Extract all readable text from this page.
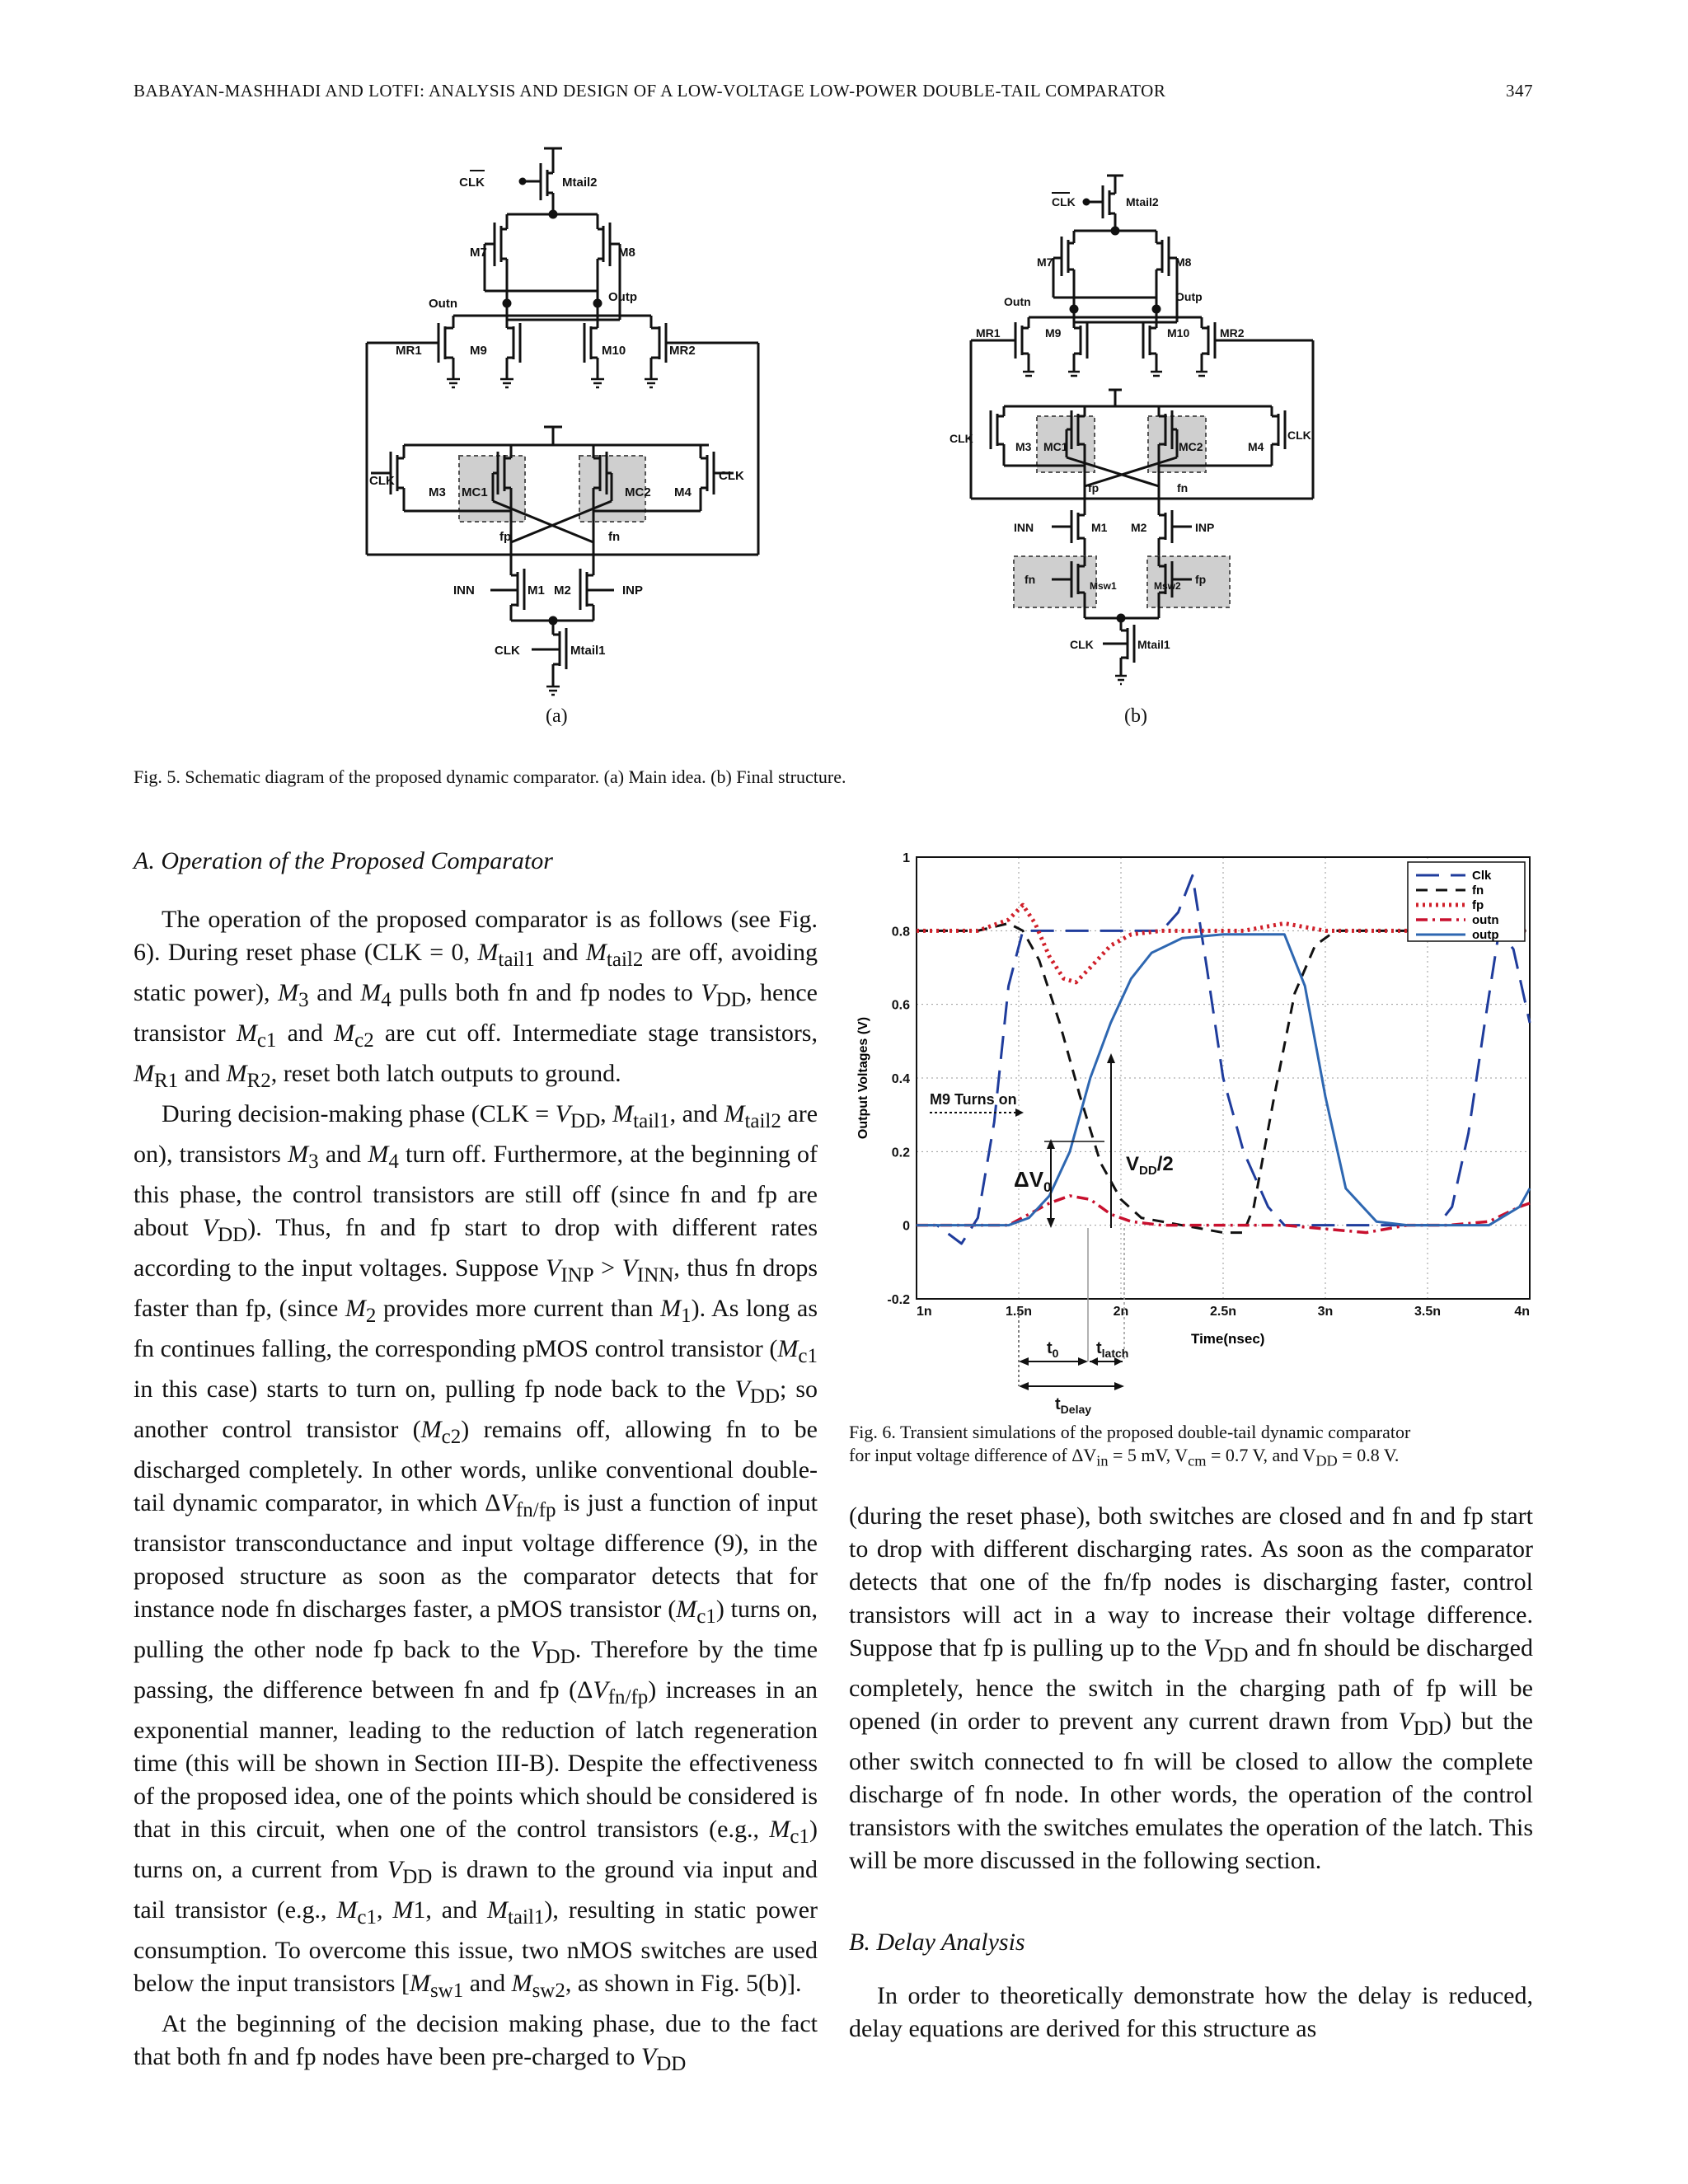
BABAYAN-MASHHADI AND LOTFI: ANALYSIS AND DESIGN OF A LOW-VOLTAGE LOW-POWER DOUBLE-TAIL COMPARATOR	347
CLK	Mtail2
M7	M8
Outn	Outp
MR1	M9	M10	MR2
CLK
M3 MC1	MC2 M4
CLK
fp	fn
INN	M1 M2	INP
CLK	Mtail1
(a)
CLK	Mtail2
M7	M8
Outn	Outp
MR1	M9	M10	MR2
CLK
M3 MC1	MC2	M4
CLK
fp	fn
INN	M1 M2	INP
fn	Msw1	Msw2 fp
CLK	Mtail1
(b)
Fig. 5. Schematic diagram of the proposed dynamic comparator. (a) Main idea. (b) Final structure.
1n	1.5n	2n	2.5n	3n	3.5n	4n
-0.2
0
0.2
0.4
0.6
0.8
1
Output Voltages (V)
Time(nsec)
Clk
fn
fp
outn
outp
M9 Turns on
$\Delta V_0$
$V_{DD}/2$
$t_0$ $t_{latch}$
$t_{Delay}$
Fig. 6. Transient simulations of the proposed double-tail dynamic comparator
for input voltage difference of $\Delta V_{in} = 5$ mV, $V_{cm} = 0.7$ V, and $V_{DD} = 0.8$ V.
A. Operation of the Proposed Comparator

The operation of the proposed comparator is as follows (see Fig. 6). During reset phase (CLK = 0, $M_{tail1}$ and $M_{tail2}$ are off, avoiding static power), $M_3$ and $M_4$ pulls both fn and fp nodes to $V_{DD}$, hence transistor $M_{c1}$ and $M_{c2}$ are cut off. Intermediate stage transistors, $M_{R1}$ and $M_{R2}$, reset both latch outputs to ground.

During decision-making phase ($CLK = V_{DD}$, $M_{tail1}$, and $M_{tail2}$ are on), transistors $M_3$ and $M_4$ turn off. Furthermore, at the beginning of this phase, the control transistors are still off (since fn and fp are about $V_{DD}$). Thus, fn and fp start to drop with different rates according to the input voltages. Suppose $V_{INP} > V_{INN}$, thus fn drops faster than fp, (since $M_2$ provides more current than $M_1$). As long as fn continues falling, the corresponding pMOS control transistor ($M_{c1}$ in this case) starts to turn on, pulling fp node back to the $V_{DD}$; so another control transistor $(M_{c2})$ remains off, allowing fn to be discharged completely. In other words, unlike conventional double-tail dynamic comparator, in which $\Delta V_{fn/fp}$ is just a function of input transistor transconductance and input voltage difference (9), in the proposed structure as soon as the comparator detects that for instance node fn discharges faster, a pMOS transistor $(M_{c1})$ turns on, pulling the other node fp back to the $V_{DD}$. Therefore by the time passing, the difference between fn and fp $(\Delta V_{fn/fp})$ increases in an exponential manner, leading to the reduction of latch regeneration time (this will be shown in Section III-B). Despite the effectiveness of the proposed idea, one of the points which should be considered is that in this circuit, when one of the control transistors (e.g., $M_{c1}$) turns on, a current from $V_{DD}$ is drawn to the ground via input and tail transistor (e.g., $M_{c1}$, M1, and $M_{tail1}$), resulting in static power consumption. To overcome this issue, two nMOS switches are used below the input transistors [$M_{sw1}$ and $M_{sw2}$, as shown in Fig. 5(b)].

At the beginning of the decision making phase, due to the fact that both fn and fp nodes have been pre-charged to $V_{DD}$

(during the reset phase), both switches are closed and fn and fp start to drop with different discharging rates. As soon as the comparator detects that one of the fn/fp nodes is discharging faster, control transistors will act in a way to increase their voltage difference. Suppose that fp is pulling up to the $V_{DD}$ and fn should be discharged completely, hence the switch in the charging path of fp will be opened (in order to prevent any current drawn from $V_{DD}$) but the other switch connected to fn will be closed to allow the complete discharge of fn node. In other words, the operation of the control transistors with the switches emulates the operation of the latch. This will be more discussed in the following section.

B. Delay Analysis

In order to theoretically demonstrate how the delay is reduced, delay equations are derived for this structure as
